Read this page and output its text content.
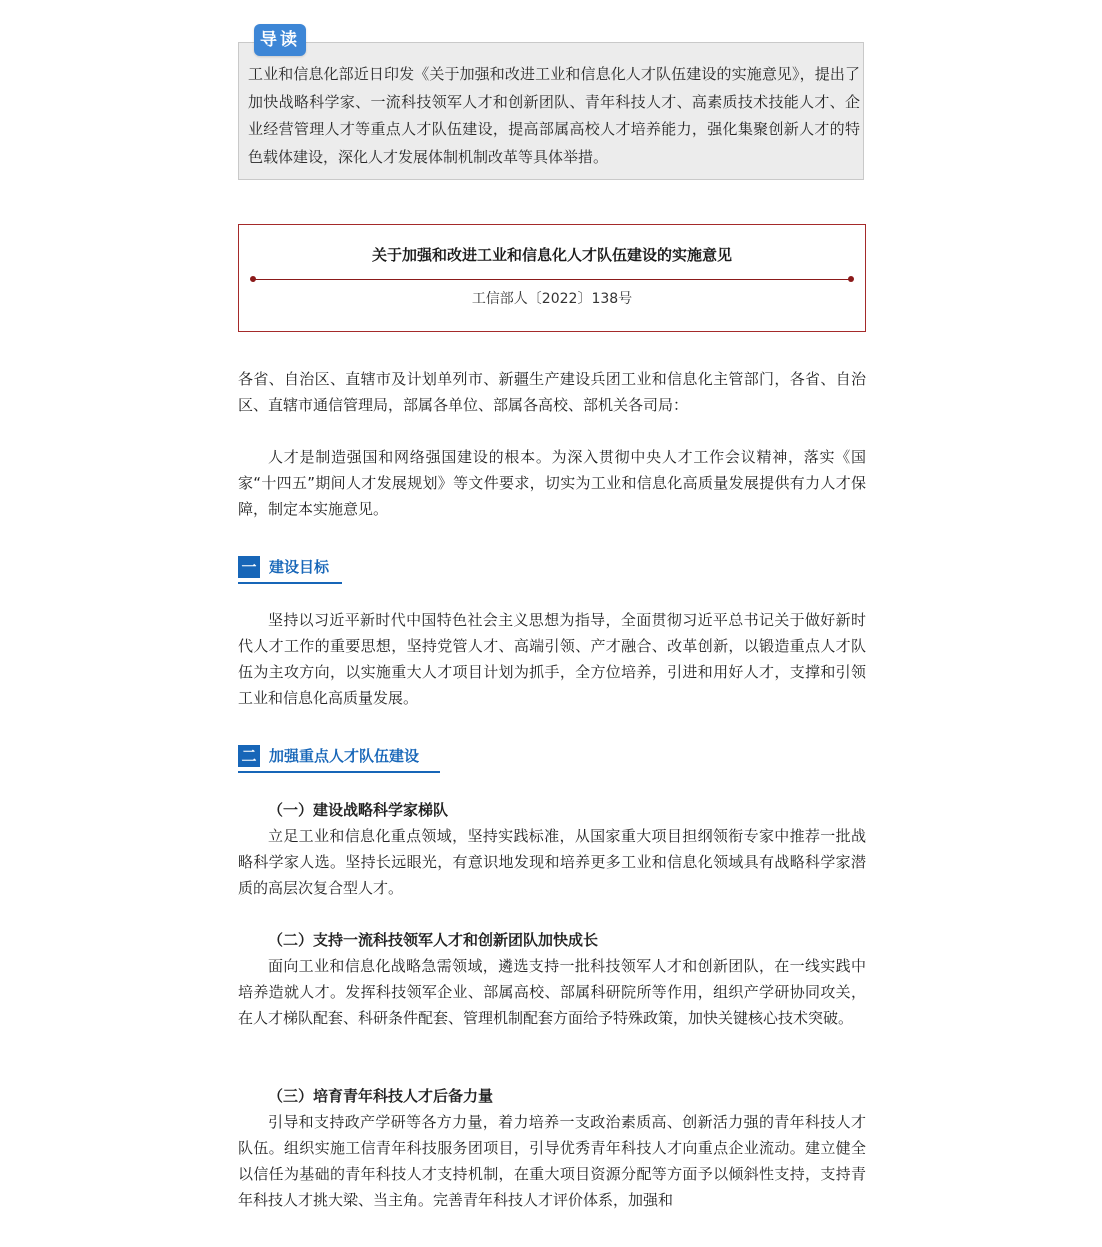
导读

工业和信息化部近日印发《关于加强和改进工业和信息化人才队伍建设的实施意见》，提出了加快战略科学家、一流科技领军人才和创新团队、青年科技人才、高素质技术技能人才、企业经营管理人才等重点人才队伍建设，提高部属高校人才培养能力，强化集聚创新人才的特色载体建设，深化人才发展体制机制改革等具体举措。

关于加强和改进工业和信息化人才队伍建设的实施意见

工信部人〔2022〕138号

各省、自治区、直辖市及计划单列市、新疆生产建设兵团工业和信息化主管部门，各省、自治区、直辖市通信管理局，部属各单位、部属各高校、部机关各司局：

人才是制造强国和网络强国建设的根本。为深入贯彻中央人才工作会议精神，落实《国家“十四五”期间人才发展规划》等文件要求，切实为工业和信息化高质量发展提供有力人才保障，制定本实施意见。

一 建设目标

坚持以习近平新时代中国特色社会主义思想为指导，全面贯彻习近平总书记关于做好新时代人才工作的重要思想，坚持党管人才、高端引领、产才融合、改革创新，以锻造重点人才队伍为主攻方向，以实施重大人才项目计划为抓手，全方位培养，引进和用好人才，支撑和引领工业和信息化高质量发展。

二 加强重点人才队伍建设

（一）建设战略科学家梯队

立足工业和信息化重点领域，坚持实践标准，从国家重大项目担纲领衔专家中推荐一批战略科学家人选。坚持长远眼光，有意识地发现和培养更多工业和信息化领域具有战略科学家潜质的高层次复合型人才。

（二）支持一流科技领军人才和创新团队加快成长

面向工业和信息化战略急需领域，遴选支持一批科技领军人才和创新团队，在一线实践中培养造就人才。发挥科技领军企业、部属高校、部属科研院所等作用，组织产学研协同攻关，在人才梯队配套、科研条件配套、管理机制配套方面给予特殊政策，加快关键核心技术突破。

（三）培育青年科技人才后备力量

引导和支持政产学研等各方力量，着力培养一支政治素质高、创新活力强的青年科技人才队伍。组织实施工信青年科技服务团项目，引导优秀青年科技人才向重点企业流动。建立健全以信任为基础的青年科技人才支持机制，在重大项目资源分配等方面予以倾斜性支持，支持青年科技人才挑大梁、当主角。完善青年科技人才评价体系，加强和
